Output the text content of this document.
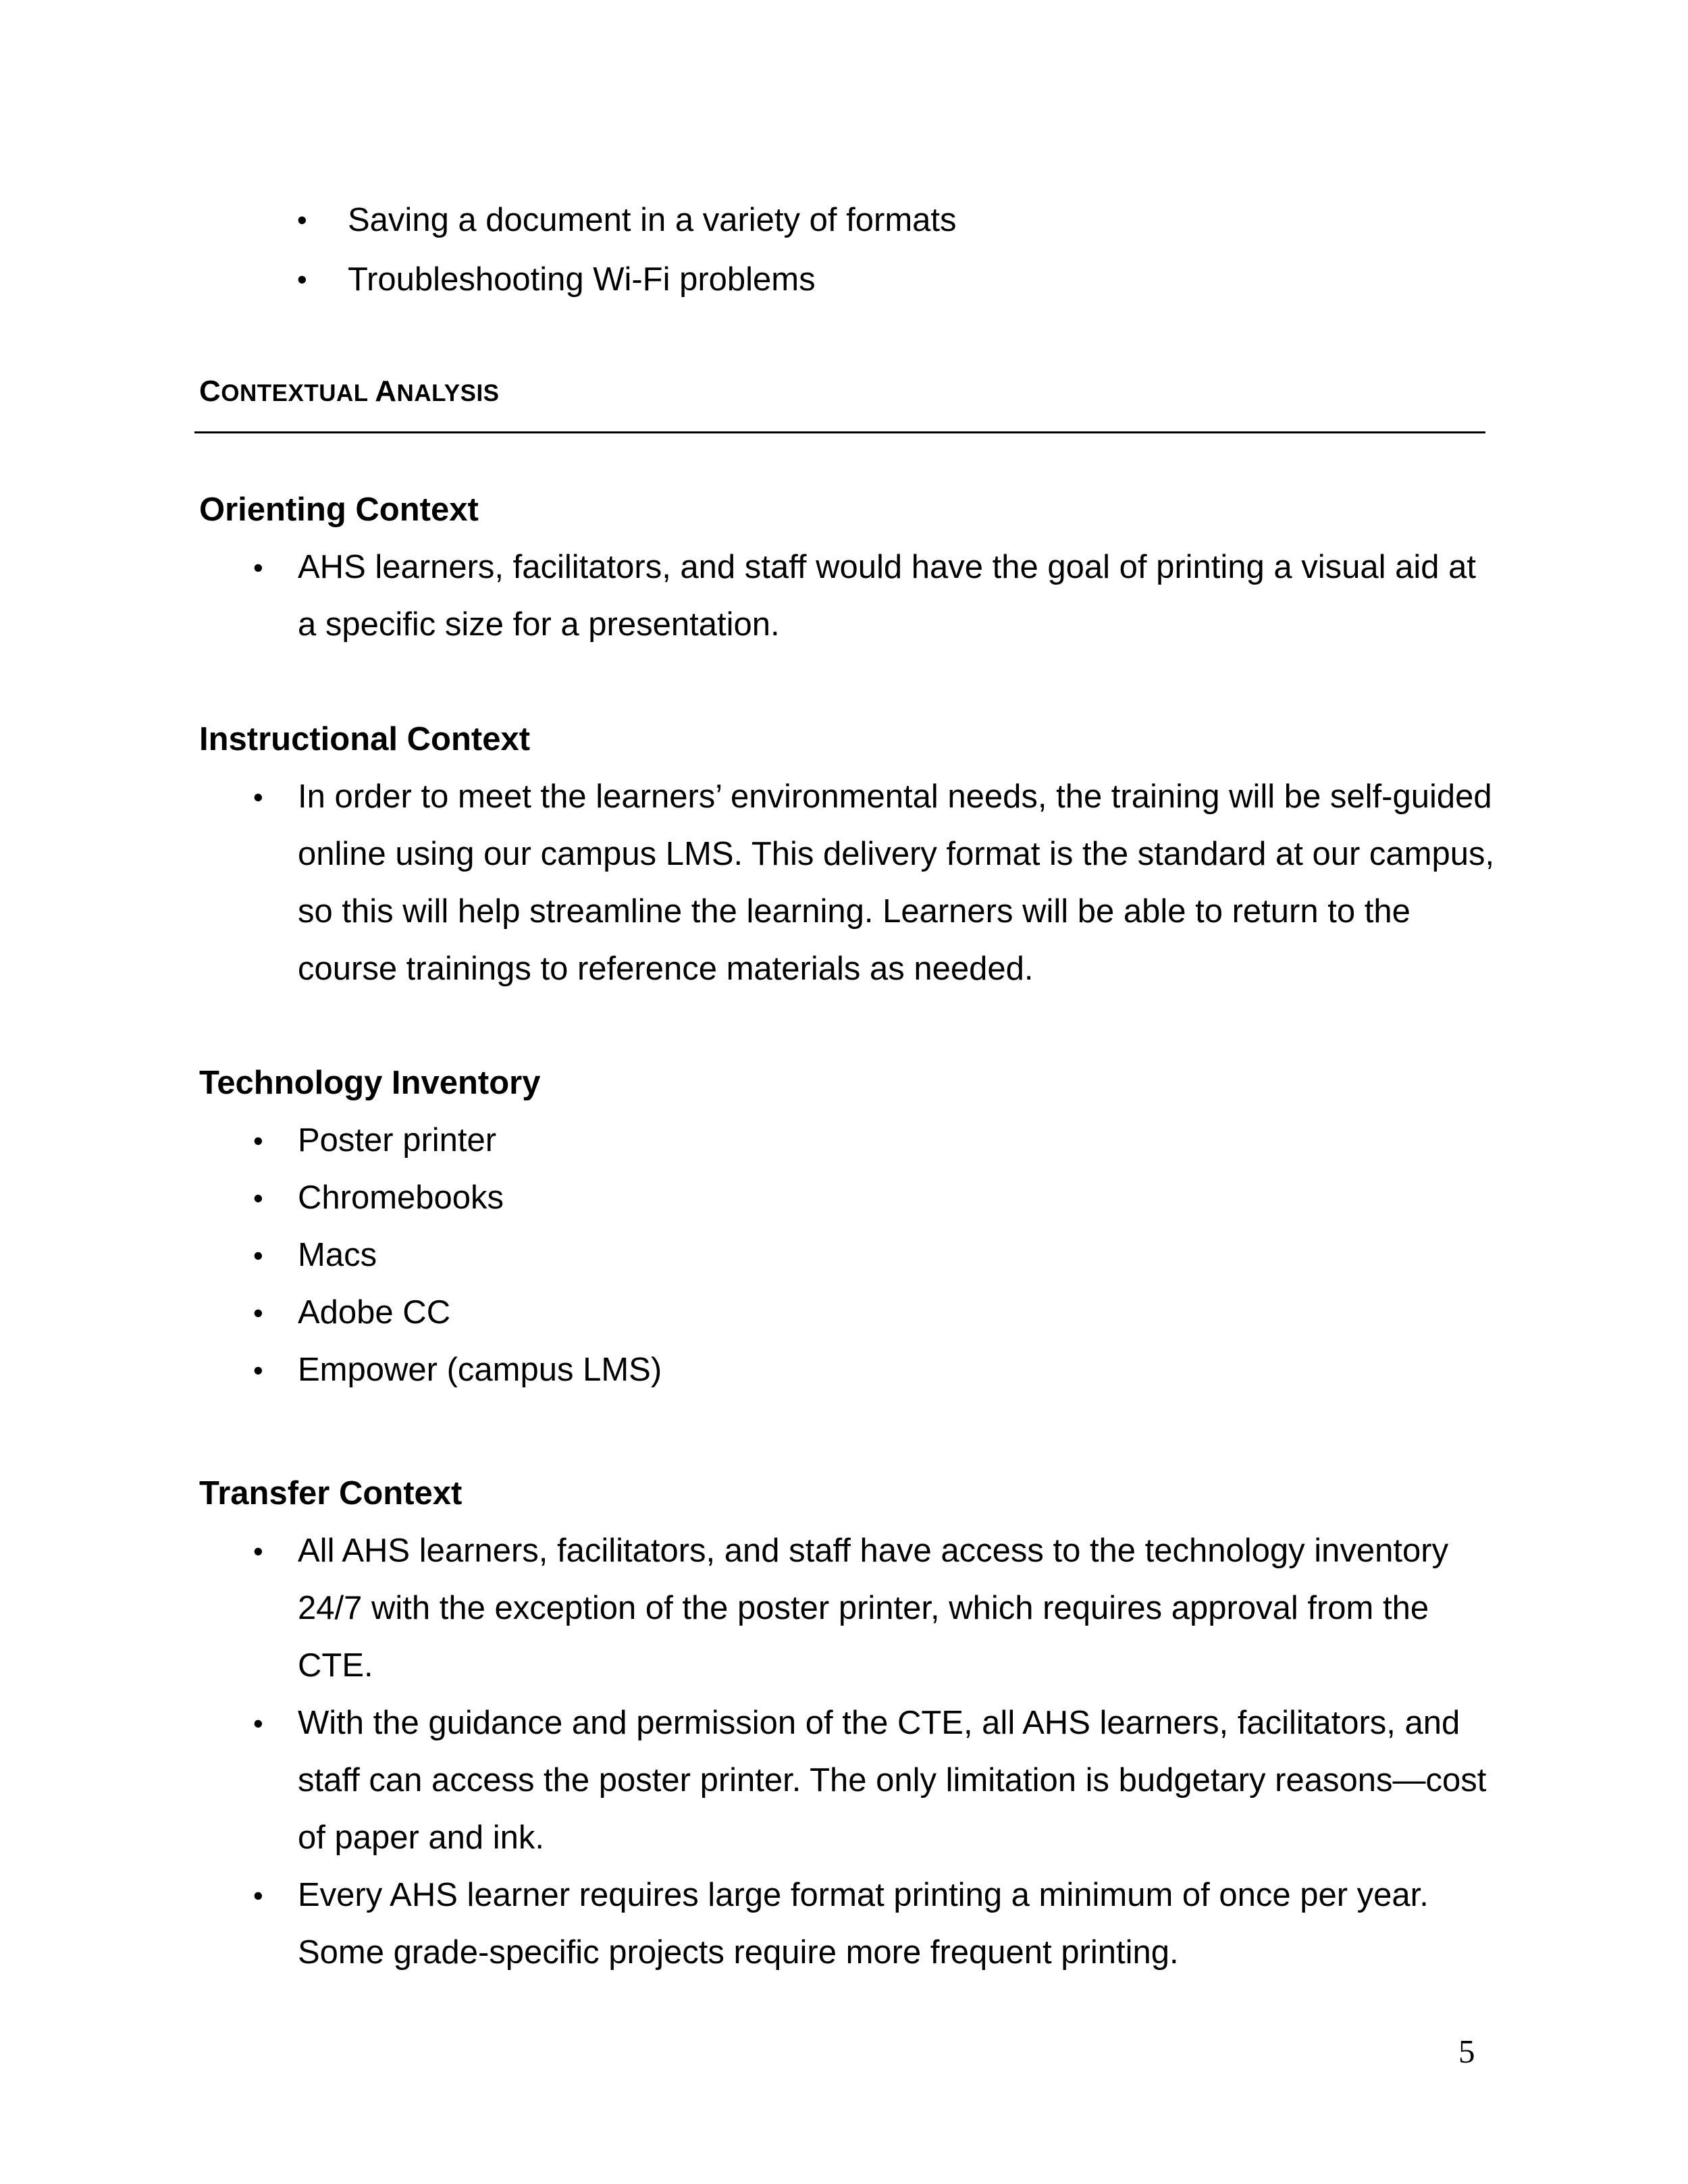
• Saving a document in a variety of formats
• Troubleshooting Wi-Fi problems
CONTEXTUAL ANALYSIS
Orienting Context
• AHS learners, facilitators, and staff would have the goal of printing a visual aid at a specific size for a presentation.
Instructional Context
• In order to meet the learners’ environmental needs, the training will be self-guided online using our campus LMS. This delivery format is the standard at our campus, so this will help streamline the learning. Learners will be able to return to the course trainings to reference materials as needed.
Technology Inventory
• Poster printer
• Chromebooks
• Macs
• Adobe CC
• Empower (campus LMS)
Transfer Context
• All AHS learners, facilitators, and staff have access to the technology inventory 24/7 with the exception of the poster printer, which requires approval from the CTE.
• With the guidance and permission of the CTE, all AHS learners, facilitators, and staff can access the poster printer. The only limitation is budgetary reasons—cost of paper and ink.
• Every AHS learner requires large format printing a minimum of once per year. Some grade-specific projects require more frequent printing.
5
